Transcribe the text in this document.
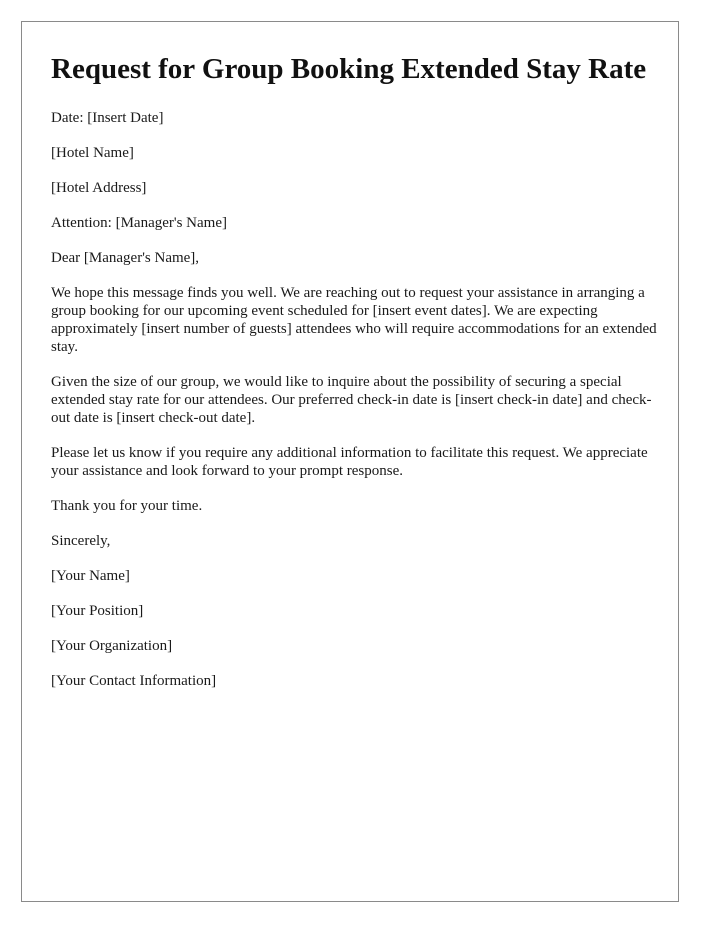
Request for Group Booking Extended Stay Rate

Date: [Insert Date]

[Hotel Name]

[Hotel Address]

Attention: [Manager's Name]

Dear [Manager's Name],

We hope this message finds you well. We are reaching out to request your assistance in arranging a group booking for our upcoming event scheduled for [insert event dates]. We are expecting approximately [insert number of guests] attendees who will require accommodations for an extended stay.

Given the size of our group, we would like to inquire about the possibility of securing a special extended stay rate for our attendees. Our preferred check-in date is [insert check-in date] and check-out date is [insert check-out date].

Please let us know if you require any additional information to facilitate this request. We appreciate your assistance and look forward to your prompt response.

Thank you for your time.

Sincerely,

[Your Name]

[Your Position]

[Your Organization]

[Your Contact Information]
